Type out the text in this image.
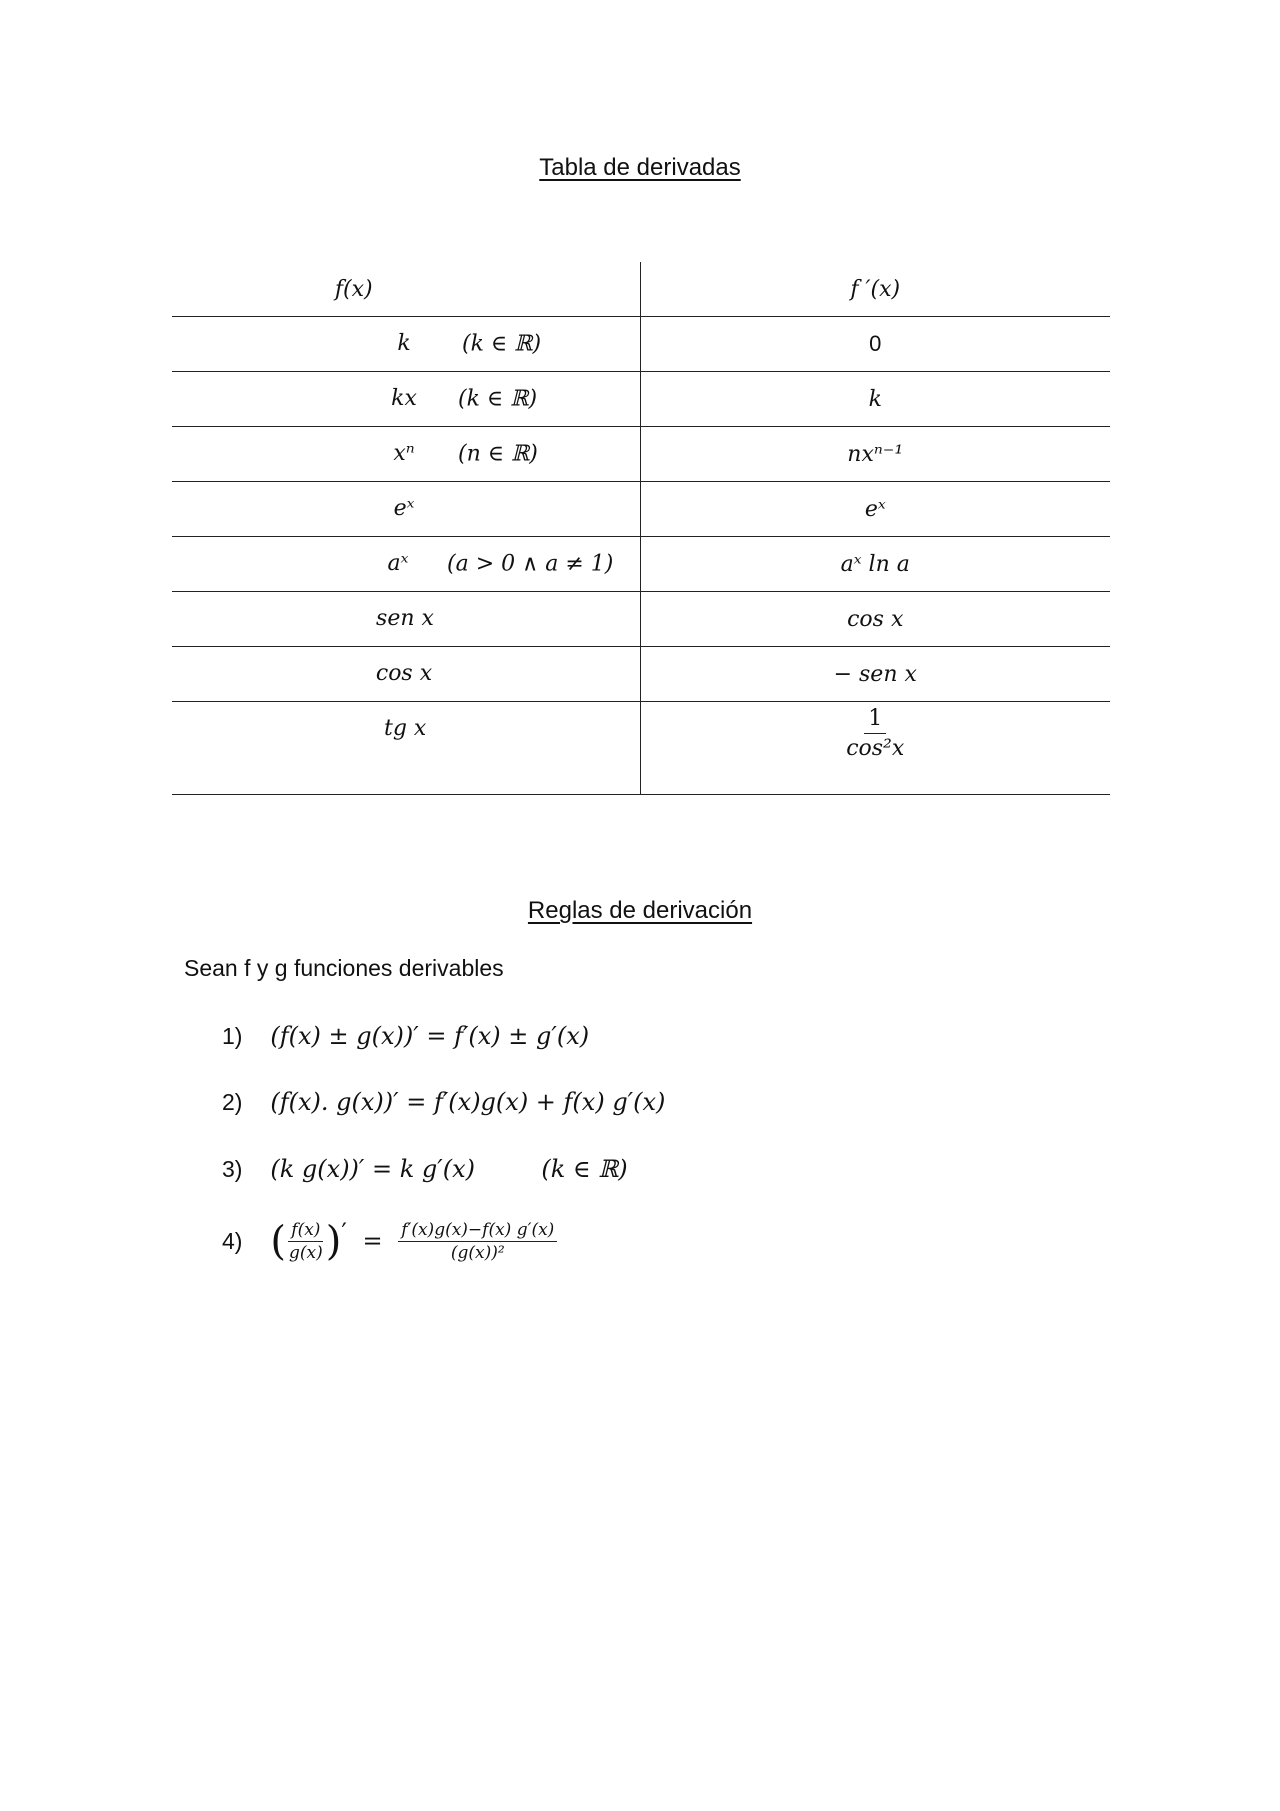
Tabla de derivadas
f(x)	f ′(x)

k (k ∈ ℝ)	0

kx (k ∈ ℝ)	k

xⁿ (n ∈ ℝ)	nxⁿ⁻¹

eˣ	eˣ

aˣ (a > 0 ∧ a ≠ 1)	aˣ ln a

sen x	cos x

cos x	− sen x

tg x	$\frac{1}{\text{cos²x}}$
Reglas de derivación
Sean f y g funciones derivables
1) (f(x) ± g(x))′ = f′(x) ± g′(x)
2) (f(x). g(x))′ = f′(x)g(x) + f(x) g′(x)
3) (k g(x))′ = k g′(x)	(k ∈ ℝ)
4) ( $\frac{f(x)}{g(x)}$ )′ = $\frac{f'(x)g(x)-f(x) g'(x)}{\text{(g(x))²}}$
